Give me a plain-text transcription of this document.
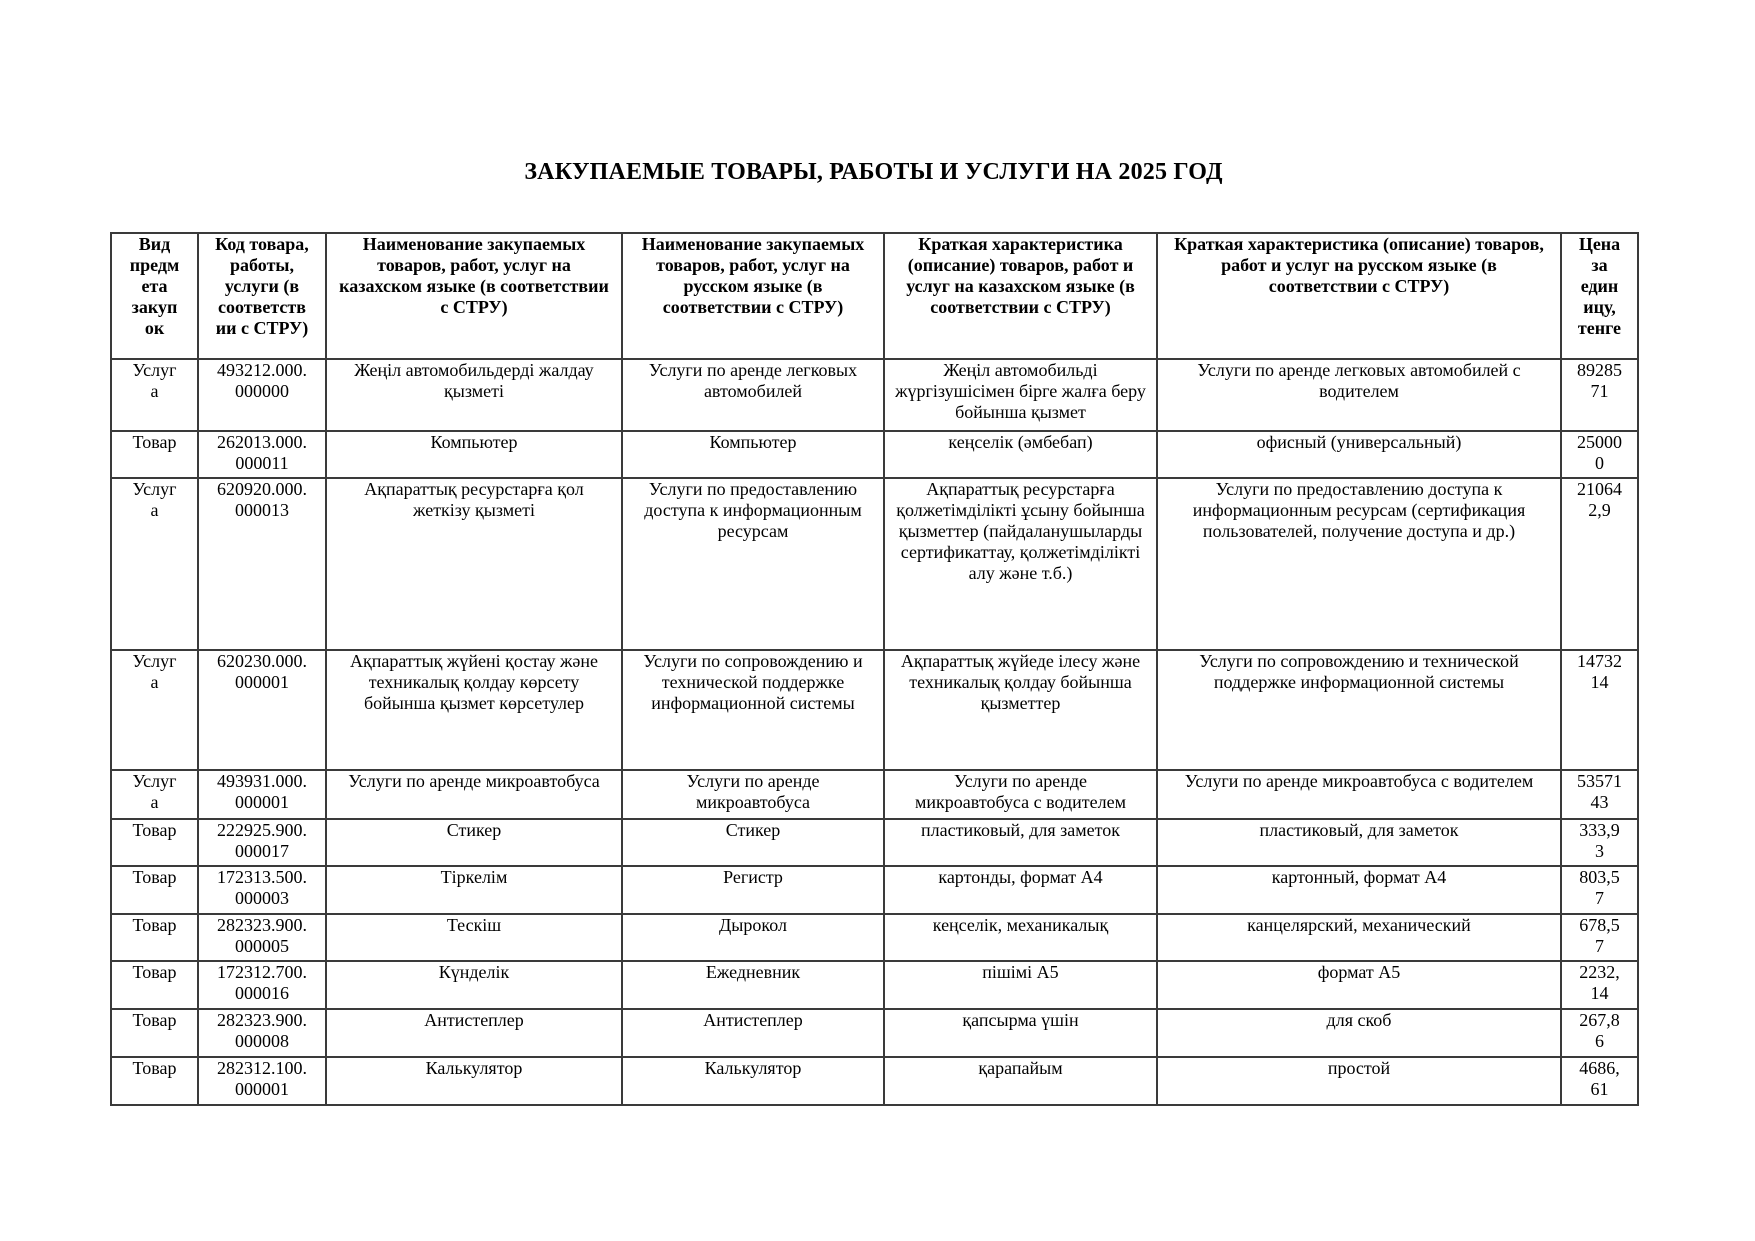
ЗАКУПАЕМЫЕ ТОВАРЫ, РАБОТЫ И УСЛУГИ НА 2025 ГОД
Вид предмета закупок	Код товара, работы, услуги (в соответствии с СТРУ)	Наименование закупаемых товаров, работ, услуг на казахском языке (в соответствии с СТРУ)	Наименование закупаемых товаров, работ, услуг на русском языке (в соответствии с СТРУ)	Краткая характеристика (описание) товаров, работ и услуг на казахском языке (в соответствии с СТРУ)	Краткая характеристика (описание) товаров, работ и услуг на русском языке (в соответствии с СТРУ)	Цена за единицу, тенге
Услуга	493212.000.000000	Жеңіл автомобильдерді жалдау қызметі	Услуги по аренде легковых автомобилей	Жеңіл автомобильді жүргізушісімен бірге жалға беру бойынша қызмет	Услуги по аренде легковых автомобилей с водителем	8928571
Товар	262013.000.000011	Компьютер	Компьютер	кеңселік (әмбебап)	офисный (универсальный)	250000
Услуга	620920.000.000013	Ақпараттық ресурстарға қол жеткізу қызметі	Услуги по предоставлению доступа к информационным ресурсам	Ақпараттық ресурстарға қолжетімділікті ұсыну бойынша қызметтер (пайдаланушыларды сертификаттау, қолжетімділікті алу және т.б.)	Услуги по предоставлению доступа к информационным ресурсам (сертификация пользователей, получение доступа и др.)	210642,9
Услуга	620230.000.000001	Ақпараттық жүйені қостау және техникалық қолдау көрсету бойынша қызмет көрсетулер	Услуги по сопровождению и технической поддержке информационной системы	Ақпараттық жүйеде ілесу және техникалық қолдау бойынша қызметтер	Услуги по сопровождению и технической поддержке информационной системы	1473214
Услуга	493931.000.000001	Услуги по аренде микроавтобуса	Услуги по аренде микроавтобуса	Услуги по аренде микроавтобуса с водителем	Услуги по аренде микроавтобуса с водителем	5357143
Товар	222925.900.000017	Стикер	Стикер	пластиковый, для заметок	пластиковый, для заметок	333,93
Товар	172313.500.000003	Тіркелім	Регистр	картонды, формат А4	картонный, формат А4	803,57
Товар	282323.900.000005	Тескіш	Дырокол	кеңселік, механикалық	канцелярский, механический	678,57
Товар	172312.700.000016	Күнделік	Ежедневник	пішімі А5	формат А5	2232,14
Товар	282323.900.000008	Антистеплер	Антистеплер	қапсырма үшін	для скоб	267,86
Товар	282312.100.000001	Калькулятор	Калькулятор	қарапайым	простой	4686,61
